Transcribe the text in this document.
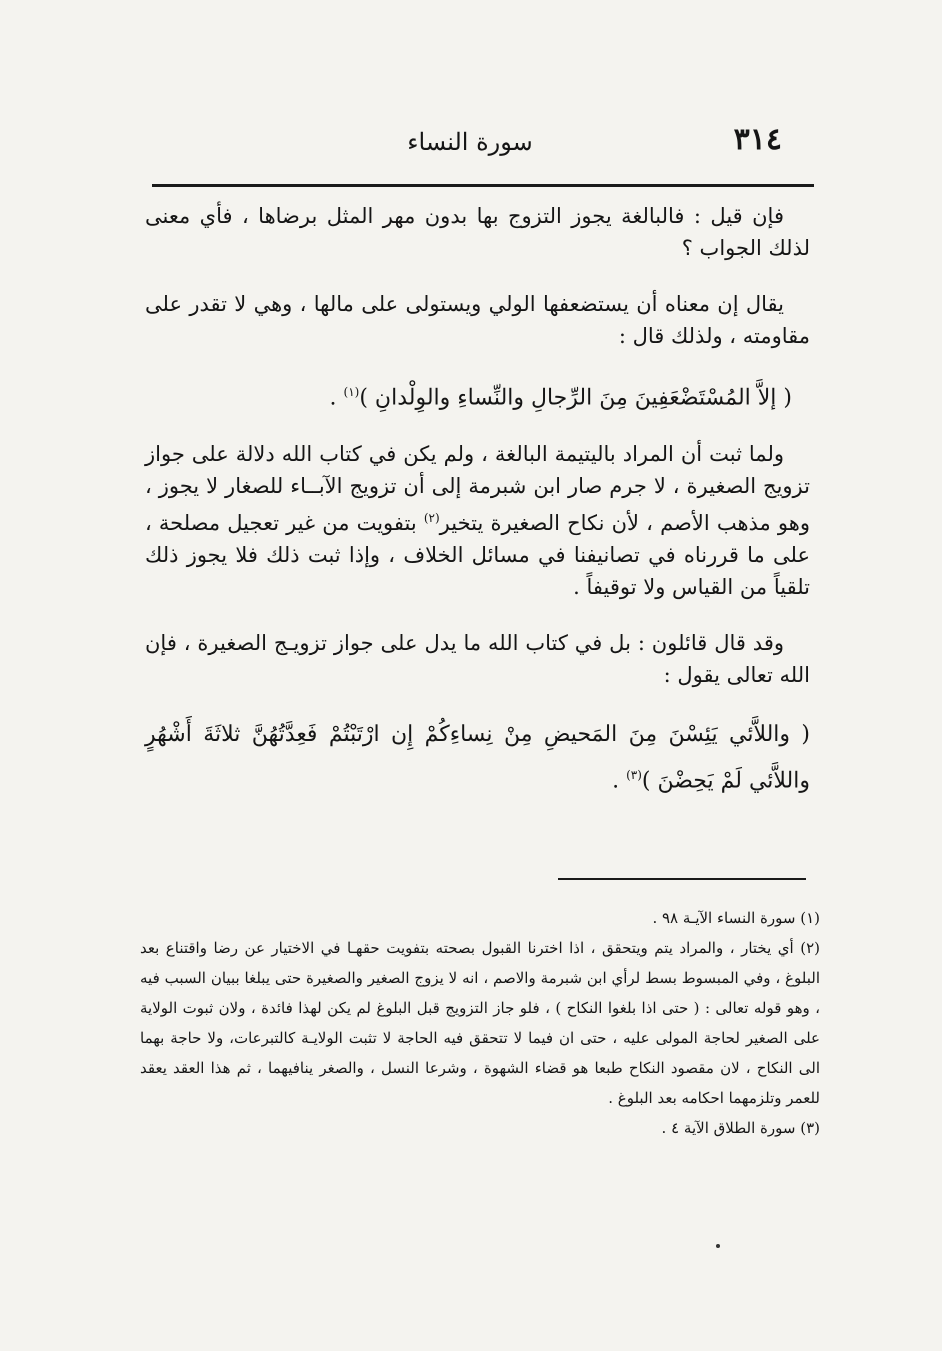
٣١٤
سورة النساء

فإن قيل : فالبالغة يجوز التزوج بها بدون مهر المثل برضاها ، فأي معنى لذلك الجواب ؟

يقال إن معناه أن يستضعفها الولي ويستولى على مالها ، وهي لا تقدر على مقاومته ، ولذلك قال :

( إلاَّ المُسْتَضْعَفِينَ مِنَ الرِّجالِ والنِّساءِ والوِلْدانِ )$^{(١)}$ .

ولما ثبت أن المراد باليتيمة البالغة ، ولم يكن في كتاب الله دلالة على جواز تزويج الصغيرة ، لا جرم صار ابن شبرمة إلى أن تزويج الآبــاء للصغار لا يجوز ، وهو مذهب الأصم ، لأن نكاح الصغيرة يتخير$^{(٢)}$ بتفويت من غير تعجيل مصلحة ، على ما قررناه في تصانيفنا في مسائل الخلاف ، وإذا ثبت ذلك فلا يجوز ذلك تلقياً من القياس ولا توقيفاً .

وقد قال قائلون : بل في كتاب الله ما يدل على جواز تزويـج الصغيرة ، فإن الله تعالى يقول :

( واللاَّئي يَئِسْنَ مِنَ المَحيضِ مِنْ نِساءِكُمْ إِن ارْتَبْتُمْ فَعِدَّتُهُنَّ ثلاثَةَ أَشْهُرٍ واللاَّئي لَمْ يَحِضْنَ )$^{(٣)}$ .

(١) سورة النساء الآيـة ٩٨ .

(٢) أي يختار ، والمراد يتم ويتحقق ، اذا اخترنا القبول بصحته بتفويت حقهـا في الاختيار عن رضا واقتناع بعد البلوغ ، وفي المبسوط بسط لرأي ابن شبرمة والاصم ، انه لا يزوج الصغير والصغيرة حتى يبلغا ببيان السبب فيه ، وهو قوله تعالى : ( حتى اذا بلغوا النكاح ) ، فلو جاز التزويج قبل البلوغ لم يكن لهذا فائدة ، ولان ثبوت الولاية على الصغير لحاجة المولى عليه ، حتى ان فيما لا تتحقق فيه الحاجة لا تثبت الولايـة كالتبرعات، ولا حاجة بهما الى النكاح ، لان مقصود النكاح طبعا هو قضاء الشهوة ، وشرعا النسل ، والصغر ينافيهما ، ثم هذا العقد يعقد للعمر وتلزمهما احكامه بعد البلوغ .

(٣) سورة الطلاق الآية ٤ .
